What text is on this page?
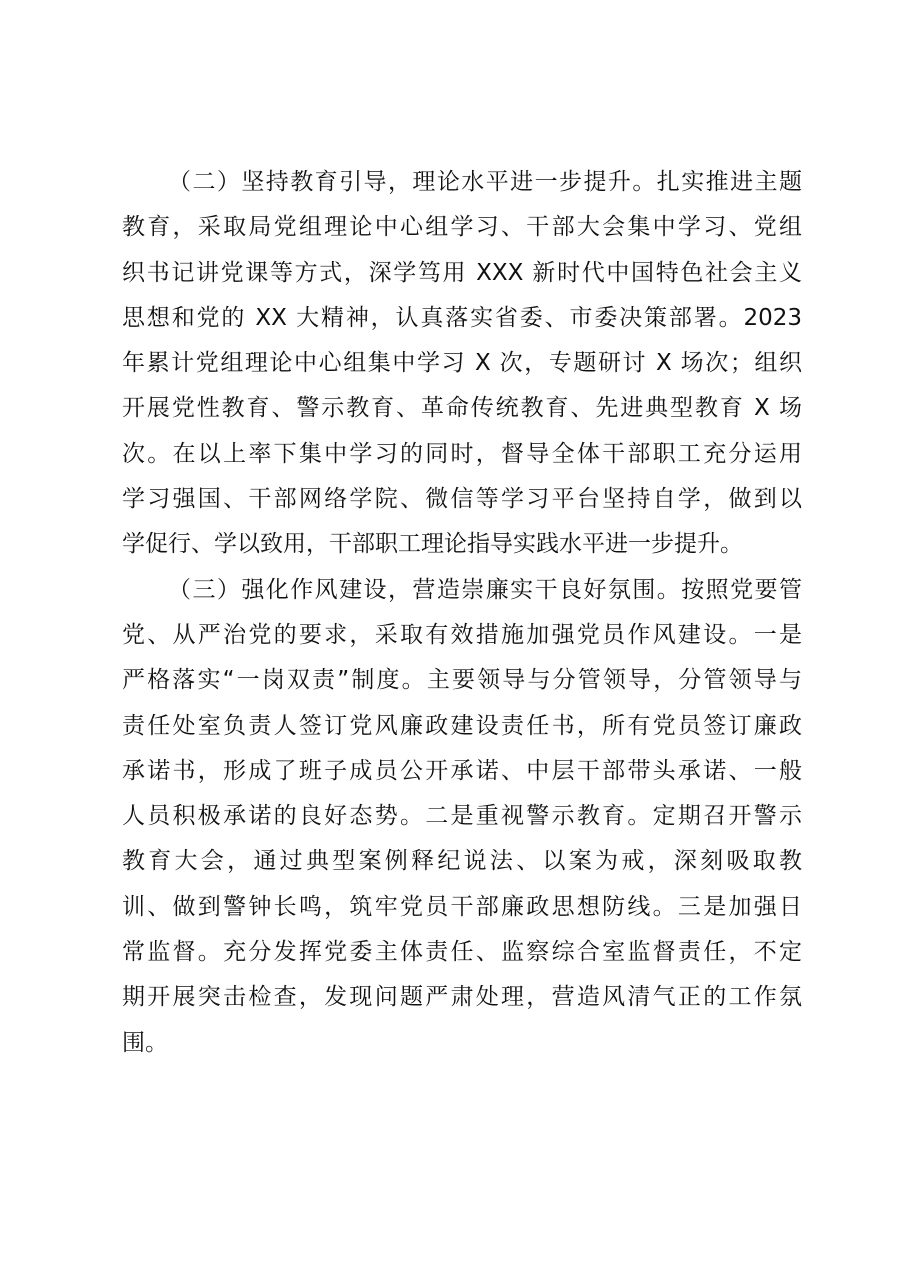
（二）坚持教育引导，理论水平进一步提升。扎实推进主题
教育，采取局党组理论中心组学习、干部大会集中学习、党组
织书记讲党课等方式，深学笃用 XXX 新时代中国特色社会主义
思想和党的 XX 大精神，认真落实省委、市委决策部署。2023
年累计党组理论中心组集中学习 X 次，专题研讨 X 场次；组织
开展党性教育、警示教育、革命传统教育、先进典型教育 X 场
次。在以上率下集中学习的同时，督导全体干部职工充分运用
学习强国、干部网络学院、微信等学习平台坚持自学，做到以
学促行、学以致用，干部职工理论指导实践水平进一步提升。
（三）强化作风建设，营造崇廉实干良好氛围。按照党要管
党、从严治党的要求，采取有效措施加强党员作风建设。一是
严格落实“一岗双责”制度。主要领导与分管领导，分管领导与
责任处室负责人签订党风廉政建设责任书，所有党员签订廉政
承诺书，形成了班子成员公开承诺、中层干部带头承诺、一般
人员积极承诺的良好态势。二是重视警示教育。定期召开警示
教育大会，通过典型案例释纪说法、以案为戒，深刻吸取教
训、做到警钟长鸣，筑牢党员干部廉政思想防线。三是加强日
常监督。充分发挥党委主体责任、监察综合室监督责任，不定
期开展突击检查，发现问题严肃处理，营造风清气正的工作氛
围。
